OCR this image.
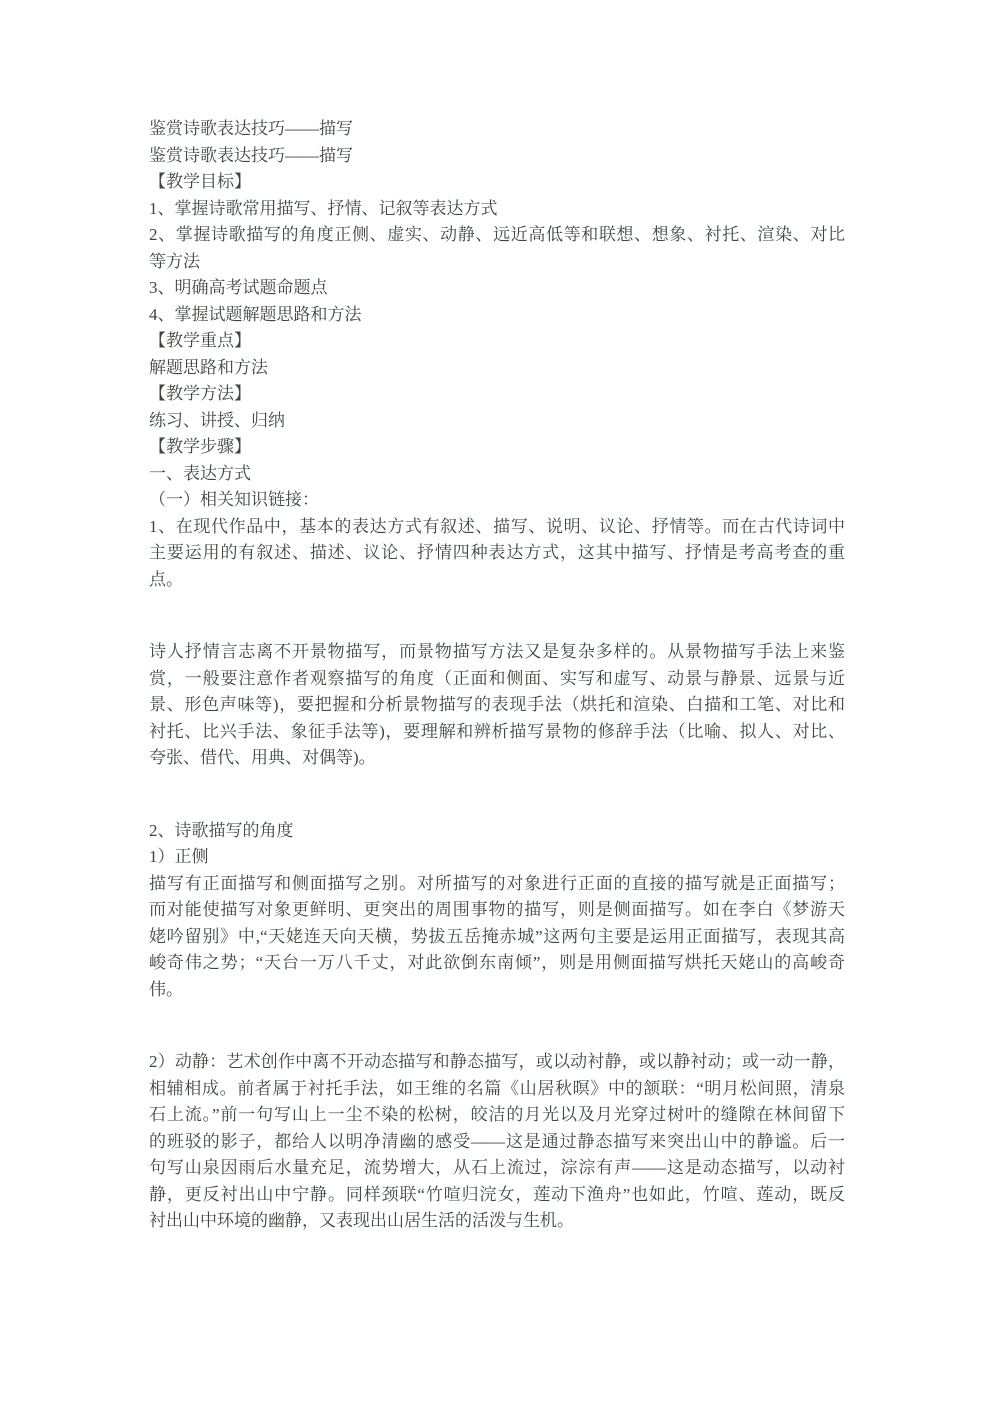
鉴赏诗歌表达技巧——描写
鉴赏诗歌表达技巧——描写
【教学目标】
1、掌握诗歌常用描写、抒情、记叙等表达方式
2、掌握诗歌描写的角度正侧、虚实、动静、远近高低等和联想、想象、衬托、渲染、对比
等方法
3、明确高考试题命题点
4、掌握试题解题思路和方法
【教学重点】
解题思路和方法
【教学方法】
练习、讲授、归纳
【教学步骤】
一、表达方式
（一）相关知识链接：
1、在现代作品中，基本的表达方式有叙述、描写、说明、议论、抒情等。而在古代诗词中
主要运用的有叙述、描述、议论、抒情四种表达方式，这其中描写、抒情是考高考查的重
点。
诗人抒情言志离不开景物描写，而景物描写方法又是复杂多样的。从景物描写手法上来鉴
赏，一般要注意作者观察描写的角度（正面和侧面、实写和虚写、动景与静景、远景与近
景、形色声味等)，要把握和分析景物描写的表现手法（烘托和渲染、白描和工笔、对比和
衬托、比兴手法、象征手法等)，要理解和辨析描写景物的修辞手法（比喻、拟人、对比、
夸张、借代、用典、对偶等)。
2、诗歌描写的角度
1）正侧
描写有正面描写和侧面描写之别。对所描写的对象进行正面的直接的描写就是正面描写；
而对能使描写对象更鲜明、更突出的周围事物的描写，则是侧面描写。如在李白《梦游天
姥吟留别》中,“天姥连天向天横，势拔五岳掩赤城”这两句主要是运用正面描写，表现其高
峻奇伟之势；“天台一万八千丈，对此欲倒东南倾”，则是用侧面描写烘托天姥山的高峻奇
伟。
2）动静：艺术创作中离不开动态描写和静态描写，或以动衬静，或以静衬动；或一动一静，
相辅相成。前者属于衬托手法，如王维的名篇《山居秋暝》中的颔联：“明月松间照，清泉
石上流。”前一句写山上一尘不染的松树，皎洁的月光以及月光穿过树叶的缝隙在林间留下
的班驳的影子，都给人以明净清幽的感受——这是通过静态描写来突出山中的静谧。后一
句写山泉因雨后水量充足，流势增大，从石上流过，淙淙有声——这是动态描写，以动衬
静，更反衬出山中宁静。同样颈联“竹喧归浣女，莲动下渔舟”也如此，竹喧、莲动，既反
衬出山中环境的幽静，又表现出山居生活的活泼与生机。
